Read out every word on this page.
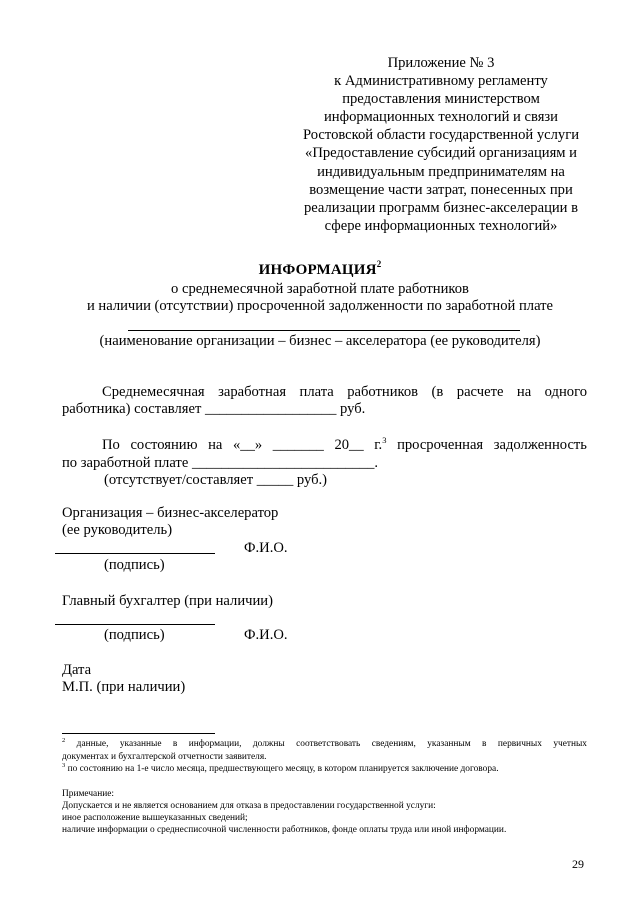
Приложение № 3
к Административному регламенту
предоставления министерством
информационных технологий и связи
Ростовской области государственной услуги
«Предоставление субсидий организациям и
индивидуальным предпринимателям на
возмещение части затрат, понесенных при
реализации программ бизнес-акселерации в
сфере информационных технологий»
ИНФОРМАЦИЯ$^2$
о среднемесячной заработной плате работников
и наличии (отсутствии) просроченной задолженности по заработной плате
(наименование организации – бизнес – акселератора (ее руководителя)
Среднемесячная заработная плата работников (в расчете на одного
работника) составляет __________________ руб.
По состоянию на «__» _______ 20__ г.$^3$ просроченная задолженность
по заработной плате _________________________.
(отсутствует/составляет _____ руб.)
Организация – бизнес-акселератор
(ее руководитель)
Ф.И.О.
(подпись)
Главный бухгалтер (при наличии)
(подпись)	Ф.И.О.
Дата
М.П. (при наличии)
$^2$ данные, указанные в информации, должны соответствовать сведениям, указанным в первичных учетных
документах и бухгалтерской отчетности заявителя.
$^3$ по состоянию на 1-е число месяца, предшествующего месяцу, в котором планируется заключение договора.
Примечание:
Допускается и не является основанием для отказа в предоставлении государственной услуги:
иное расположение вышеуказанных сведений;
наличие информации о среднесписочной численности работников, фонде оплаты труда или иной информации.
29
